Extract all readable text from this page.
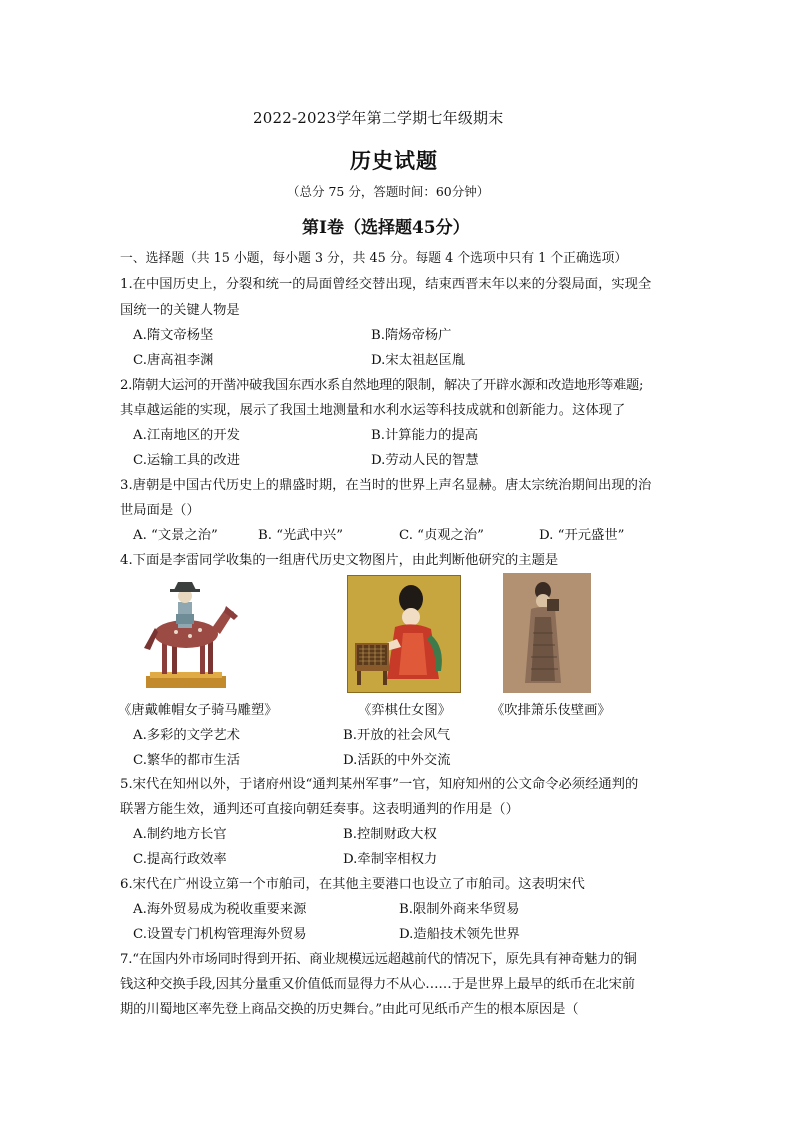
2022-2023学年第二学期七年级期末
历史试题
（总分 75 分，答题时间：60分钟）
第Ⅰ卷（选择题45分）
一、选择题（共 15 小题，每小题 3 分，共 45 分。每题 4 个选项中只有 1 个正确选项）
1.在中国历史上，分裂和统一的局面曾经交替出现，结束西晋末年以来的分裂局面，实现全
国统一的关键人物是
A.隋文帝杨坚	B.隋炀帝杨广
C.唐高祖李渊	D.宋太祖赵匡胤
2.隋朝大运河的开凿冲破我国东西水系自然地理的限制，解决了开辟水源和改造地形等难题;
其卓越运能的实现，展示了我国土地测量和水利水运等科技成就和创新能力。这体现了
A.江南地区的开发	B.计算能力的提高
C.运输工具的改进	D.劳动人民的智慧
3.唐朝是中国古代历史上的鼎盛时期，在当时的世界上声名显赫。唐太宗统治期间出现的治
世局面是（）
A. “文景之治”	B. “光武中兴”	C. “贞观之治”	D. “开元盛世”
4.下面是李雷同学收集的一组唐代历史文物图片，由此判断他研究的主题是
《唐戴帷帽女子骑马雕塑》	《弈棋仕女图》	《吹排箫乐伎壁画》
A.多彩的文学艺术	B.开放的社会风气
C.繁华的都市生活	D.活跃的中外交流
5.宋代在知州以外，于诸府州设“通判某州军事”一官，知府知州的公文命令必须经通判的
联署方能生效，通判还可直接向朝廷奏事。这表明通判的作用是（）
A.制约地方长官	B.控制财政大权
C.提高行政效率	D.牵制宰相权力
6.宋代在广州设立第一个市舶司，在其他主要港口也设立了市舶司。这表明宋代
A.海外贸易成为税收重要来源	B.限制外商来华贸易
C.设置专门机构管理海外贸易	D.造船技术领先世界
7.“在国内外市场同时得到开拓、商业规模远远超越前代的情况下，原先具有神奇魅力的铜
钱这种交换手段,因其分量重又价值低而显得力不从心……于是世界上最早的纸币在北宋前
期的川蜀地区率先登上商品交换的历史舞台。”由此可见纸币产生的根本原因是（
